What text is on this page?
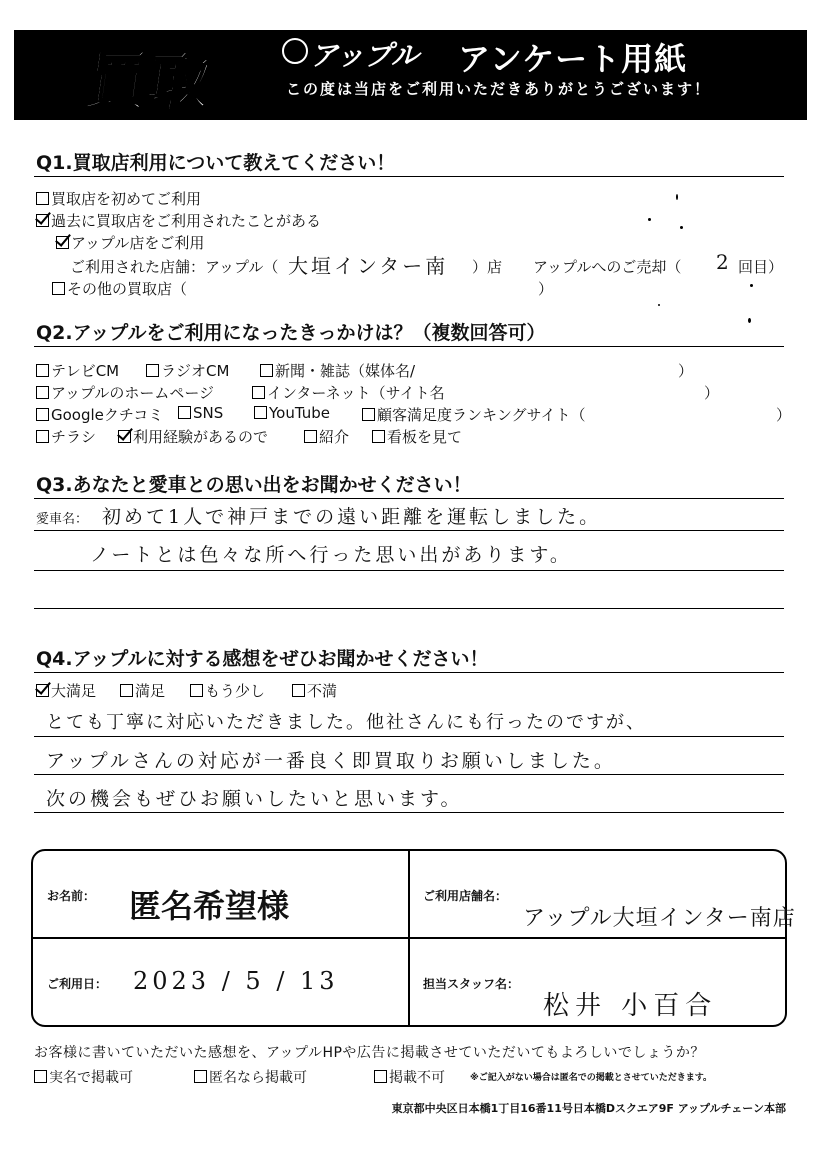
買取	アップル アンケート用紙
この度は当店をご利用いただきありがとうございます！
Q1.買取店利用について教えてください！
買取店を初めてご利用
過去に買取店をご利用されたことがある
アップル店をご利用
ご利用された店舗：アップル（ 大垣インター南 ）店 アップルへのご売却（ 2 回目）
その他の買取店（	）
Q2.アップルをご利用になったきっかけは？（複数回答可）
テレビCM	ラジオCM	新聞・雑誌（媒体名/	）
アップルのホームページ	インターネット（サイト名	）
Googleクチコミ	SNS	YouTube	顧客満足度ランキングサイト（	）
チラシ	利用経験があるので	紹介	看板を見て
Q3.あなたと愛車との思い出をお聞かせください！
愛車名： 初めて1人で神戸までの遠い距離を運転しました。
ノートとは色々な所へ行った思い出があります。
Q4.アップルに対する感想をぜひお聞かせください！
大満足	満足	もう少し	不満
とても丁寧に対応いただきました。他社さんにも行ったのですが、
アップルさんの対応が一番良く即買取りお願いしました。
次の機会もぜひお願いしたいと思います。
お名前： 匿名希望様	ご利用店舗名：
アップル大垣インター南店
ご利用日： 2023 / 5 / 13	担当スタッフ名：
松井 小百合
お客様に書いていただいた感想を、アップルHPや広告に掲載させていただいてもよろしいでしょうか？
実名で掲載可	匿名なら掲載可	掲載不可	※ご記入がない場合は匿名での掲載とさせていただきます。
東京都中央区日本橋1丁目16番11号日本橋Dスクエア9F アップルチェーン本部
